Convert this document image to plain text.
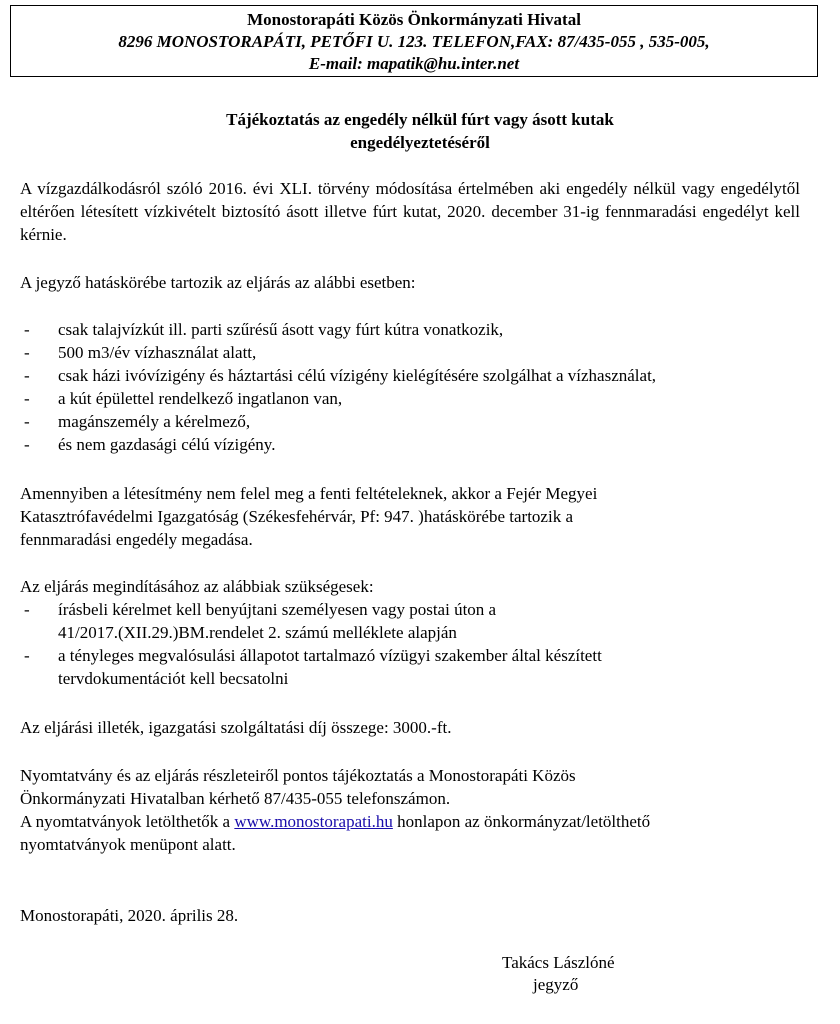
Monostorapáti Közös Önkormányzati Hivatal
8296 MONOSTORAPÁTI, PETŐFI U. 123. TELEFON,FAX: 87/435-055 , 535-005,
E-mail: mapatik@hu.inter.net
Tájékoztatás az engedély nélkül fúrt vagy ásott kutak
engedélyeztetéséről
A vízgazdálkodásról szóló 2016. évi XLI. törvény módosítása értelmében aki engedély nélkül vagy engedélytől eltérően létesített vízkivételt biztosító ásott illetve fúrt kutat, 2020. december 31-ig fennmaradási engedélyt kell kérnie.
A jegyző hatáskörébe tartozik az eljárás az alábbi esetben:
- csak talajvízkút ill. parti szűrésű ásott vagy fúrt kútra vonatkozik,
- 500 m3/év vízhasználat alatt,
- csak házi ivóvízigény és háztartási célú vízigény kielégítésére szolgálhat a vízhasználat,
- a kút épülettel rendelkező ingatlanon van,
- magánszemély a kérelmező,
- és nem gazdasági célú vízigény.
Amennyiben a létesítmény nem felel meg a fenti feltételeknek, akkor a Fejér Megyei
Katasztrófavédelmi Igazgatóság (Székesfehérvár, Pf: 947. )hatáskörébe tartozik a
fennmaradási engedély megadása.
Az eljárás megindításához az alábbiak szükségesek:
- írásbeli kérelmet kell benyújtani személyesen vagy postai úton a
41/2017.(XII.29.)BM.rendelet 2. számú melléklete alapján
- a tényleges megvalósulási állapotot tartalmazó vízügyi szakember által készített
tervdokumentációt kell becsatolni
Az eljárási illeték, igazgatási szolgáltatási díj összege: 3000.-ft.
Nyomtatvány és az eljárás részleteiről pontos tájékoztatás a Monostorapáti Közös
Önkormányzati Hivatalban kérhető 87/435-055 telefonszámon.
A nyomtatványok letölthetők a www.monostorapati.hu honlapon az önkormányzat/letölthető
nyomtatványok menüpont alatt.
Monostorapáti, 2020. április 28.
Takács Lászlóné
jegyző
